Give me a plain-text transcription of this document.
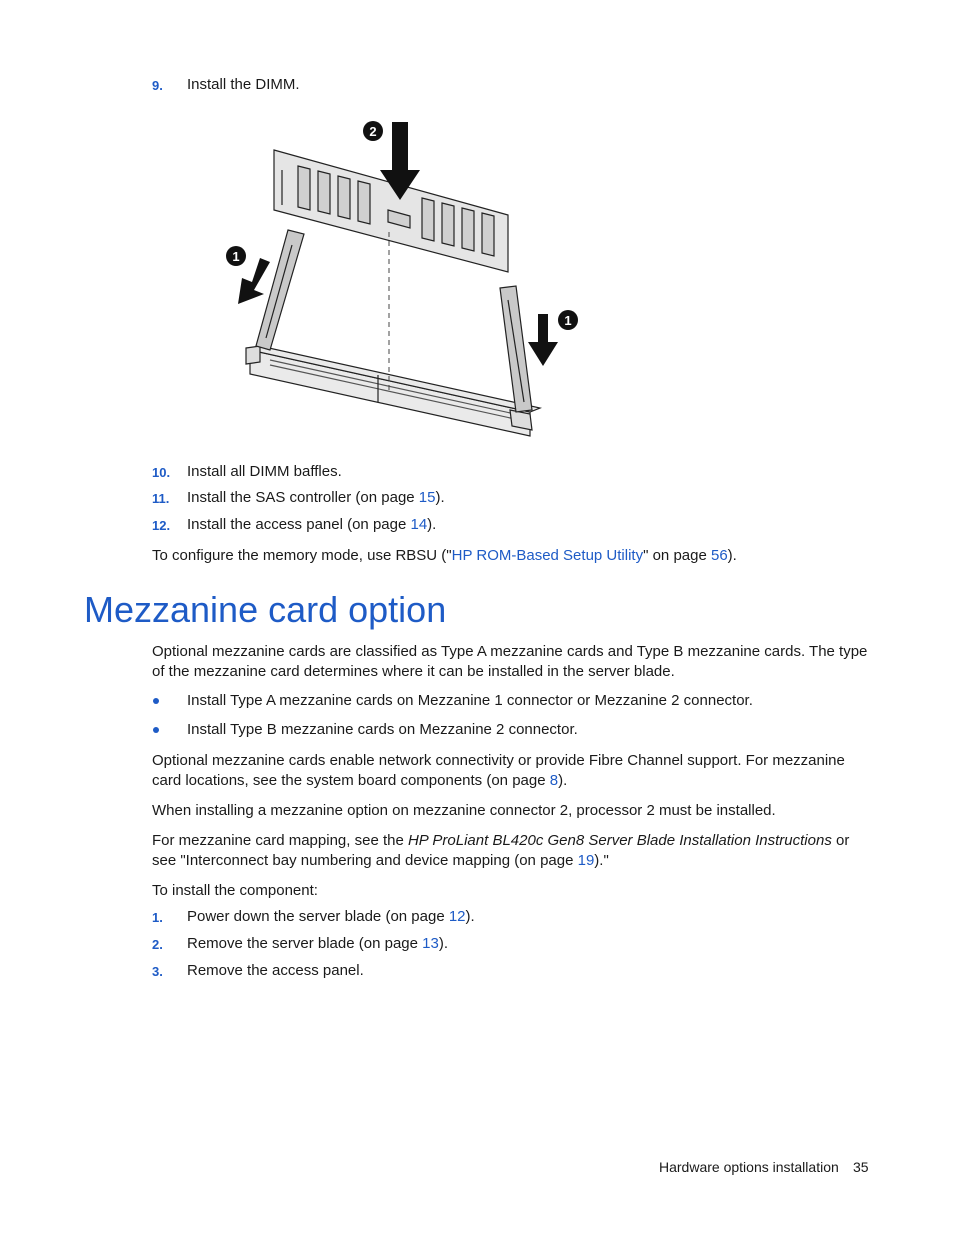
9. Install the DIMM.
2
1
1
10. Install all DIMM baffles.
11. Install the SAS controller (on page 15).
12. Install the access panel (on page 14).
To configure the memory mode, use RBSU ("HP ROM-Based Setup Utility" on page 56).
Mezzanine card option
Optional mezzanine cards are classified as Type A mezzanine cards and Type B mezzanine cards. The type of the mezzanine card determines where it can be installed in the server blade.
Install Type A mezzanine cards on Mezzanine 1 connector or Mezzanine 2 connector.
Install Type B mezzanine cards on Mezzanine 2 connector.
Optional mezzanine cards enable network connectivity or provide Fibre Channel support. For mezzanine card locations, see the system board components (on page 8).
When installing a mezzanine option on mezzanine connector 2, processor 2 must be installed.
For mezzanine card mapping, see the HP ProLiant BL420c Gen8 Server Blade Installation Instructions or see "Interconnect bay numbering and device mapping (on page 19)."
To install the component:
1. Power down the server blade (on page 12).
2. Remove the server blade (on page 13).
3. Remove the access panel.
Hardware options installation 35
